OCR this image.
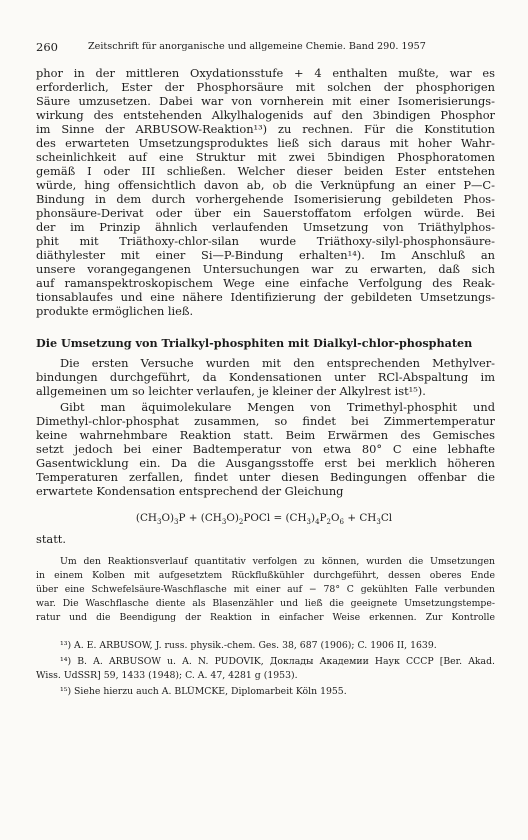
260	Zeitschrift für anorganische und allgemeine Chemie. Band 290. 1957
phor in der mittleren Oxydationsstufe + 4 enthalten mußte, war es
erforderlich, Ester der Phosphorsäure mit solchen der phosphorigen
Säure umzusetzen. Dabei war von vornherein mit einer Isomerisierungs-
wirkung des entstehenden Alkylhalogenids auf den 3bindigen Phosphor
im Sinne der ARBUSOW-Reaktion¹³) zu rechnen. Für die Konstitution
des erwarteten Umsetzungsproduktes ließ sich daraus mit hoher Wahr-
scheinlichkeit auf eine Struktur mit zwei 5bindigen Phosphoratomen
gemäß I oder III schließen. Welcher dieser beiden Ester entstehen
würde, hing offensichtlich davon ab, ob die Verknüpfung an einer P—C-
Bindung in dem durch vorhergehende Isomerisierung gebildeten Phos-
phonsäure-Derivat oder über ein Sauerstoffatom erfolgen würde. Bei
der im Prinzip ähnlich verlaufenden Umsetzung von Triäthylphos-
phit mit Triäthoxy-chlor-silan wurde Triäthoxy-silyl-phosphonsäure-
diäthylester mit einer Si—P-Bindung erhalten¹⁴). Im Anschluß an
unsere vorangegangenen Untersuchungen war zu erwarten, daß sich
auf ramanspektroskopischem Wege eine einfache Verfolgung des Reak-
tionsablaufes und eine nähere Identifizierung der gebildeten Umsetzungs-
produkte ermöglichen ließ.
Die Umsetzung von Trialkyl-phosphiten mit Dialkyl-chlor-phosphaten
Die ersten Versuche wurden mit den entsprechenden Methylver-
bindungen durchgeführt, da Kondensationen unter RCl-Abspaltung im
allgemeinen um so leichter verlaufen, je kleiner der Alkylrest ist¹⁵).
Gibt man äquimolekulare Mengen von Trimethyl-phosphit und
Dimethyl-chlor-phosphat zusammen, so findet bei Zimmertemperatur
keine wahrnehmbare Reaktion statt. Beim Erwärmen des Gemisches
setzt jedoch bei einer Badtemperatur von etwa 80° C eine lebhafte
Gasentwicklung ein. Da die Ausgangsstoffe erst bei merklich höheren
Temperaturen zerfallen, findet unter diesen Bedingungen offenbar die
erwartete Kondensation entsprechend der Gleichung
$(CH_3O)_3P$ + $(CH_3O)_2POCl = (CH_3)_4P_2O_6 + CH_3Cl$
statt.
Um den Reaktionsverlauf quantitativ verfolgen zu können, wurden die Umsetzungen
in einem Kolben mit aufgesetztem Rückflußkühler durchgeführt, dessen oberes Ende
über eine Schwefelsäure-Waschflasche mit einer auf − 78° C gekühlten Falle verbunden
war. Die Waschflasche diente als Blasenzähler und ließ die geeignete Umsetzungstempe-
ratur und die Beendigung der Reaktion in einfacher Weise erkennen. Zur Kontrolle
¹³) A. E. ARBUSOW, J. russ. physik.-chem. Ges. 38, 687 (1906); C. 1906 II, 1639.
¹⁴) B. A. ARBUSOW u. A. N. PUDOVIK, Доклады Академии Наук СССР [Ber. Akad.
Wiss. UdSSR] 59, 1433 (1948); C. A. 47, 4281 g (1953).
¹⁵) Siehe hierzu auch A. BLÜMCKE, Diplomarbeit Köln 1955.
